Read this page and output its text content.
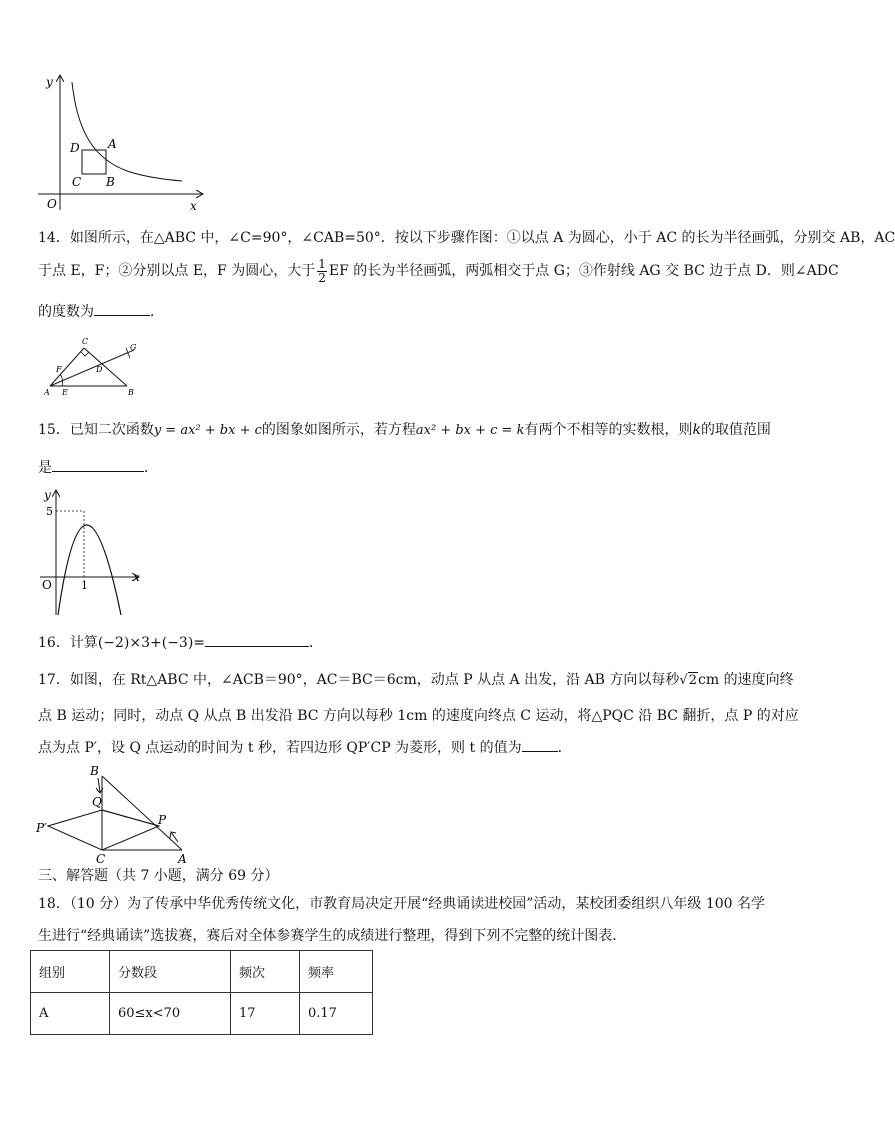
y
x
O
A
B
C
D
14．如图所示，在△ABC 中，∠C=90°，∠CAB=50°．按以下步骤作图：①以点 A 为圆心，小于 AC 的长为半径画弧，分别交 AB，AC
于点 E，F；②分别以点 E，F 为圆心，大于 $\frac{1}{2}$ EF 的长为半径画弧，两弧相交于点 G；③作射线 AG 交 BC 边于点 D．则∠ADC
的度数为	．
C
G
F	D
A E	B
15．已知二次函数y = ax² + bx + c的图象如图所示，若方程ax² + bx + c = k有两个不相等的实数根，则k的取值范围
是	．
y
5
O	1
x
16．计算(−2)×3+(−3)=	．
17．如图，在 Rt△ABC 中，∠ACB＝90°，AC＝BC＝6cm，动点 P 从点 A 出发，沿 AB 方向以每秒√2cm 的速度向终
点 B 运动；同时，动点 Q 从点 B 出发沿 BC 方向以每秒 1cm 的速度向终点 C 运动，将△PQC 沿 BC 翻折，点 P 的对应
点为点 P′，设 Q 点运动的时间为 t 秒，若四边形 QP′CP 为菱形，则 t 的值为	．
B
Q
P′
P
C	A
三、解答题（共 7 小题，满分 69 分）
18．（10 分）为了传承中华优秀传统文化，市教育局决定开展“经典诵读进校园”活动，某校团委组织八年级 100 名学
生进行“经典诵读”选拔赛，赛后对全体参赛学生的成绩进行整理，得到下列不完整的统计图表．
组别	分数段	频次	频率
A	60≤x<70	17	0.17
